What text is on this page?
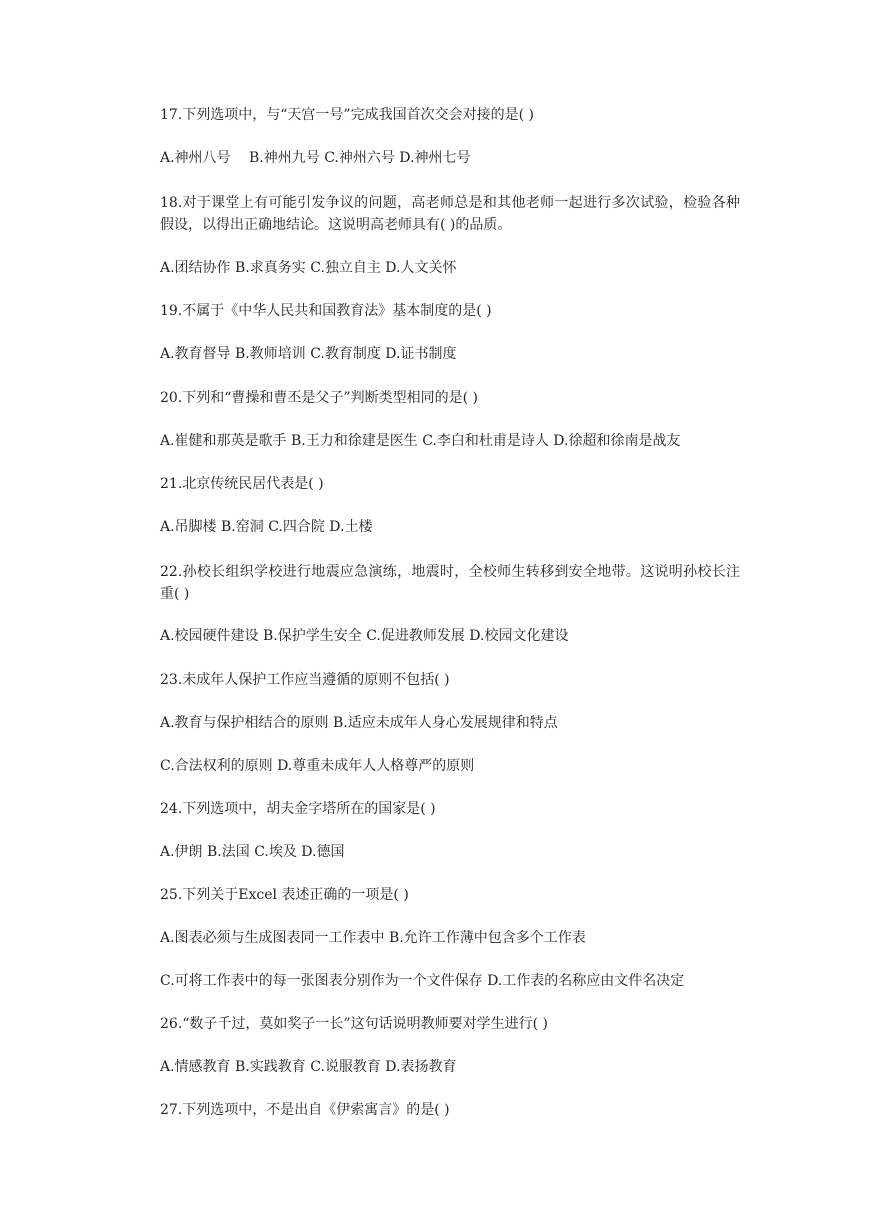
17.下列选项中，与“天宫一号”完成我国首次交会对接的是( )
A.神州八号　 B.神州九号 C.神州六号 D.神州七号
18.对于课堂上有可能引发争议的问题，高老师总是和其他老师一起进行多次试验，检验各种假设，以得出正确地结论。这说明高老师具有( )的品质。
A.团结协作 B.求真务实 C.独立自主 D.人文关怀
19.不属于《中华人民共和国教育法》基本制度的是( )
A.教育督导 B.教师培训 C.教育制度 D.证书制度
20.下列和“曹操和曹丕是父子”判断类型相同的是( )
A.崔健和那英是歌手 B.王力和徐建是医生 C.李白和杜甫是诗人 D.徐超和徐南是战友
21.北京传统民居代表是( )
A.吊脚楼 B.窑洞 C.四合院 D.土楼
22.孙校长组织学校进行地震应急演练，地震时，全校师生转移到安全地带。这说明孙校长注重( )
A.校园硬件建设 B.保护学生安全 C.促进教师发展 D.校园文化建设
23.未成年人保护工作应当遵循的原则不包括( )
A.教育与保护相结合的原则 B.适应未成年人身心发展规律和特点
C.合法权利的原则 D.尊重未成年人人格尊严的原则
24.下列选项中，胡夫金字塔所在的国家是( )
A.伊朗 B.法国 C.埃及 D.德国
25.下列关于Excel 表述正确的一项是( )
A.图表必须与生成图表同一工作表中 B.允许工作薄中包含多个工作表
C.可将工作表中的每一张图表分别作为一个文件保存 D.工作表的名称应由文件名决定
26.“数子千过，莫如奖子一长”这句话说明教师要对学生进行( )
A.情感教育 B.实践教育 C.说服教育 D.表扬教育
27.下列选项中，不是出自《伊索寓言》的是( )
